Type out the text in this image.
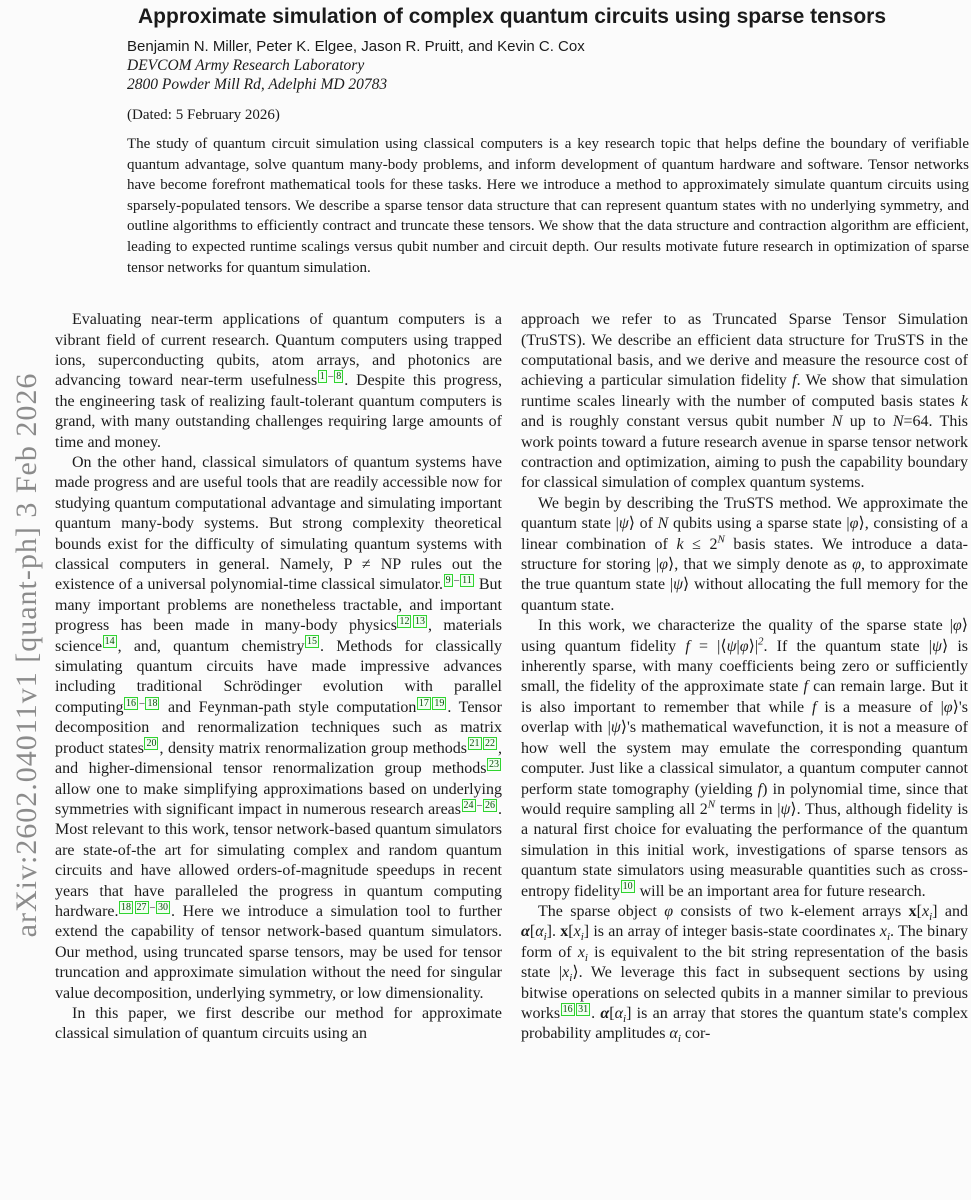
arXiv:2602.04011v1 [quant-ph] 3 Feb 2026
Approximate simulation of complex quantum circuits using sparse tensors
Benjamin N. Miller, Peter K. Elgee, Jason R. Pruitt, and Kevin C. Cox
DEVCOM Army Research Laboratory
2800 Powder Mill Rd, Adelphi MD 20783
(Dated: 5 February 2026)
The study of quantum circuit simulation using classical computers is a key research topic that helps define the boundary of verifiable quantum advantage, solve quantum many-body problems, and inform development of quantum hardware and software. Tensor networks have become forefront mathematical tools for these tasks. Here we introduce a method to approximately simulate quantum circuits using sparsely-populated tensors. We describe a sparse tensor data structure that can represent quantum states with no underlying symmetry, and outline algorithms to efficiently contract and truncate these tensors. We show that the data structure and contraction algorithm are efficient, leading to expected runtime scalings versus qubit number and circuit depth. Our results motivate future research in optimization of sparse tensor networks for quantum simulation.

Evaluating near-term applications of quantum computers is a vibrant field of current research. Quantum computers using trapped ions, superconducting qubits, atom arrays, and photonics are advancing toward near-term usefulness $^1$ – $^8$ . Despite this progress, the engineering task of realizing fault-tolerant quantum computers is grand, with many outstanding challenges requiring large amounts of time and money.

On the other hand, classical simulators of quantum systems have made progress and are useful tools that are readily accessible now for studying quantum computational advantage and simulating important quantum many-body systems. But strong complexity theoretical bounds exist for the difficulty of simulating quantum systems with classical computers in general. Namely, P ≠ NP rules out the existence of a universal polynomial-time classical simulator. $^9$ – $^{11}$ But many important problems are nonetheless tractable, and important progress has been made in many-body physics $^{12}$ $^{13}$ , materials science $^{14}$ , and, quantum chemistry $^{15}$ . Methods for classically simulating quantum circuits have made impressive advances including traditional Schrödinger evolution with parallel computing $^{16}$ – $^{18}$ and Feynman-path style computation $^{17}$ $^{19}$ . Tensor decomposition and renormalization techniques such as matrix product states $^{20}$ , density matrix renormalization group methods $^{21}$ $^{22}$ , and higher-dimensional tensor renormalization group methods $^{23}$ allow one to make simplifying approximations based on underlying symmetries with significant impact in numerous research areas $^{24}$ – $^{26}$ . Most relevant to this work, tensor network-based quantum simulators are state-of-the art for simulating complex and random quantum circuits and have allowed orders-of-magnitude speedups in recent years that have paralleled the progress in quantum computing hardware. $^{18}$ $^{27}$ – $^{30}$ . Here we introduce a simulation tool to further extend the capability of tensor network-based quantum simulators. Our method, using truncated sparse tensors, may be used for tensor truncation and approximate simulation without the need for singular value decomposition, underlying symmetry, or low dimensionality.

In this paper, we first describe our method for approximate classical simulation of quantum circuits using an

approach we refer to as Truncated Sparse Tensor Simulation (TruSTS). We describe an efficient data structure for TruSTS in the computational basis, and we derive and measure the resource cost of achieving a particular simulation fidelity f. We show that simulation runtime scales linearly with the number of computed basis states k and is roughly constant versus qubit number N up to N=64. This work points toward a future research avenue in sparse tensor network contraction and optimization, aiming to push the capability boundary for classical simulation of complex quantum systems.

We begin by describing the TruSTS method. We approximate the quantum state |ψ⟩ of N qubits using a sparse state |φ⟩, consisting of a linear combination of $k \le 2^N$ basis states. We introduce a data-structure for storing |φ⟩, that we simply denote as φ, to approximate the true quantum state |ψ⟩ without allocating the full memory for the quantum state.

In this work, we characterize the quality of the sparse state |φ⟩ using quantum fidelity $f = |⟨\psi|\varphi⟩|^2$. If the quantum state |ψ⟩ is inherently sparse, with many coefficients being zero or sufficiently small, the fidelity of the approximate state f can remain large. But it is also important to remember that while f is a measure of |φ⟩'s overlap with |ψ⟩'s mathematical wavefunction, it is not a measure of how well the system may emulate the corresponding quantum computer. Just like a classical simulator, a quantum computer cannot perform state tomography (yielding f) in polynomial time, since that would require sampling all $2^N$ terms in |ψ⟩. Thus, although fidelity is a natural first choice for evaluating the performance of the quantum simulation in this initial work, investigations of sparse tensors as quantum state simulators using measurable quantities such as cross-entropy fidelity $^{10}$ will be an important area for future research.

The sparse object φ consists of two k-element arrays $x[x_i]$ and $\alpha[\alpha_i]$. $x[x_i]$ is an array of integer basis-state coordinates $x_i$. The binary form of $x_i$ is equivalent to the bit string representation of the basis state $|x_i⟩$. We leverage this fact in subsequent sections by using bitwise operations on selected qubits in a manner similar to previous works $^{16}$ $^{31}$ . $\alpha[\alpha_i]$ is an array that stores the quantum state's complex probability amplitudes $\alpha_i$ cor-
